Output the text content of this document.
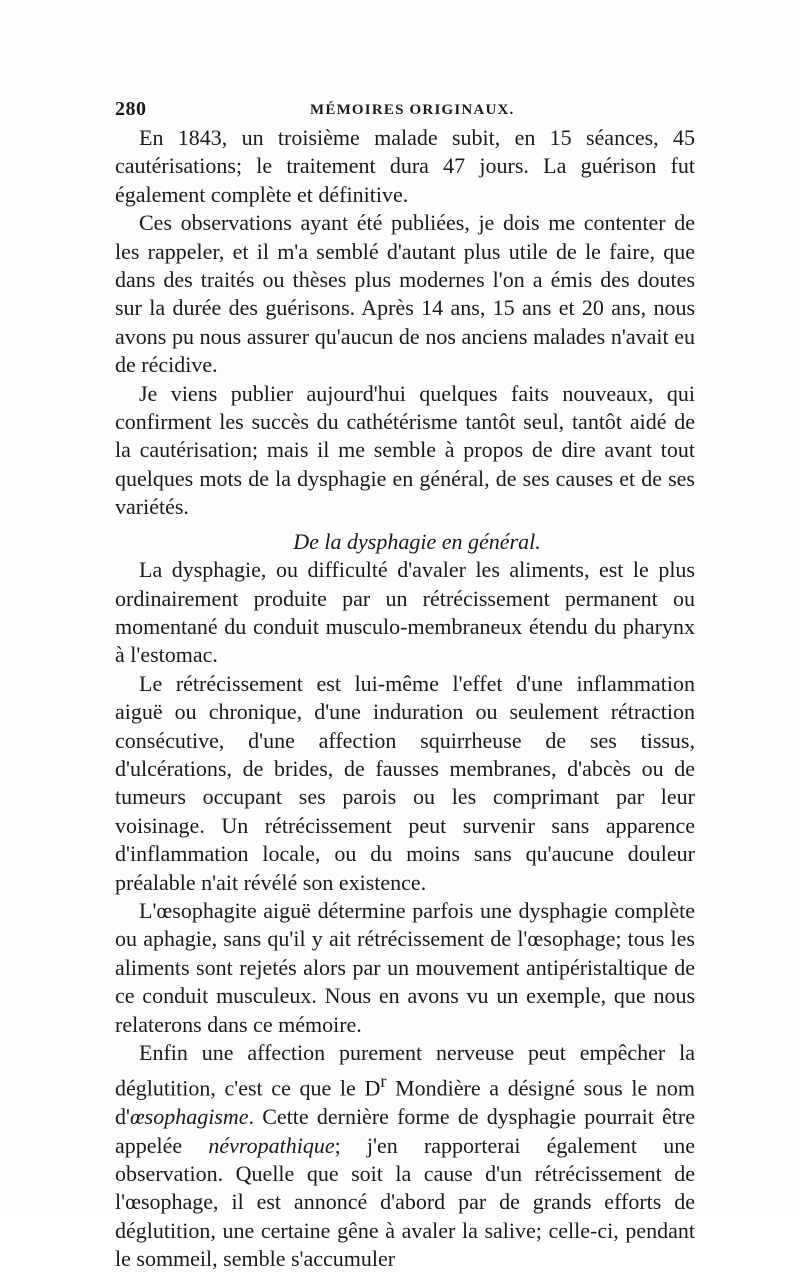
280	MÉMOIRES ORIGINAUX.

En 1843, un troisième malade subit, en 15 séances, 45 cautérisations; le traitement dura 47 jours. La guérison fut également complète et définitive.

Ces observations ayant été publiées, je dois me contenter de les rappeler, et il m'a semblé d'autant plus utile de le faire, que dans des traités ou thèses plus modernes l'on a émis des doutes sur la durée des guérisons. Après 14 ans, 15 ans et 20 ans, nous avons pu nous assurer qu'aucun de nos anciens malades n'avait eu de récidive.

Je viens publier aujourd'hui quelques faits nouveaux, qui confirment les succès du cathétérisme tantôt seul, tantôt aidé de la cautérisation; mais il me semble à propos de dire avant tout quelques mots de la dysphagie en général, de ses causes et de ses variétés.

De la dysphagie en général.

La dysphagie, ou difficulté d'avaler les aliments, est le plus ordinairement produite par un rétrécissement permanent ou momentané du conduit musculo-membraneux étendu du pharynx à l'estomac.

Le rétrécissement est lui-même l'effet d'une inflammation aiguë ou chronique, d'une induration ou seulement rétraction consécutive, d'une affection squirrheuse de ses tissus, d'ulcérations, de brides, de fausses membranes, d'abcès ou de tumeurs occupant ses parois ou les comprimant par leur voisinage. Un rétrécissement peut survenir sans apparence d'inflammation locale, ou du moins sans qu'aucune douleur préalable n'ait révélé son existence.

L'œsophagite aiguë détermine parfois une dysphagie complète ou aphagie, sans qu'il y ait rétrécissement de l'œsophage; tous les aliments sont rejetés alors par un mouvement antipéristaltique de ce conduit musculeux. Nous en avons vu un exemple, que nous relaterons dans ce mémoire.

Enfin une affection purement nerveuse peut empêcher la déglutition, c'est ce que le $D^r$ Mondière a désigné sous le nom d'œsophagisme. Cette dernière forme de dysphagie pourrait être appelée névropathique; j'en rapporterai également une observation. Quelle que soit la cause d'un rétrécissement de l'œsophage, il est annoncé d'abord par de grands efforts de déglutition, une certaine gêne à avaler la salive; celle-ci, pendant le sommeil, semble s'accumuler
